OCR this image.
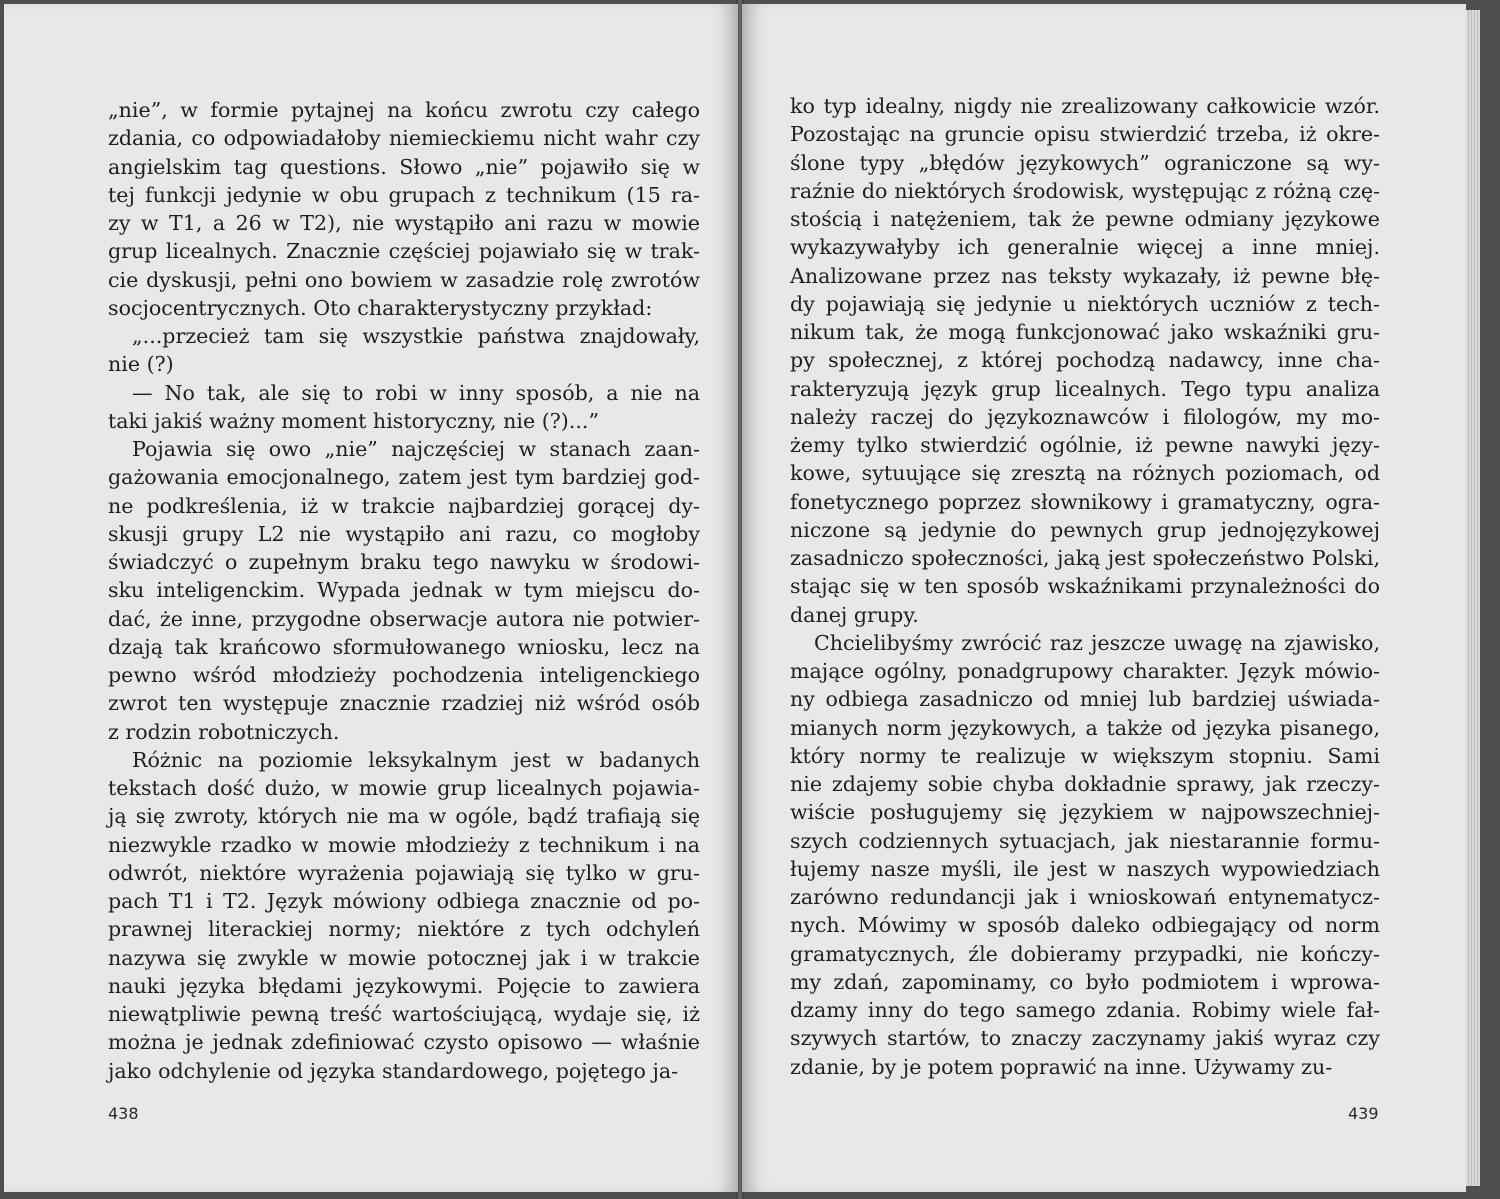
„nie”, w formie pytajnej na końcu zwrotu czy całego
zdania, co odpowiadałoby niemieckiemu nicht wahr czy
angielskim tag questions. Słowo „nie” pojawiło się w
tej funkcji jedynie w obu grupach z technikum (15 ra-
zy w T1, a 26 w T2), nie wystąpiło ani razu w mowie
grup licealnych. Znacznie częściej pojawiało się w trak-
cie dyskusji, pełni ono bowiem w zasadzie rolę zwrotów
socjocentrycznych. Oto charakterystyczny przykład:

„...przecież tam się wszystkie państwa znajdowały,
nie (?)

— No tak, ale się to robi w inny sposób, a nie na
taki jakiś ważny moment historyczny, nie (?)...”

Pojawia się owo „nie” najczęściej w stanach zaan-
gażowania emocjonalnego, zatem jest tym bardziej god-
ne podkreślenia, iż w trakcie najbardziej gorącej dy-
skusji grupy L2 nie wystąpiło ani razu, co mogłoby
świadczyć o zupełnym braku tego nawyku w środowi-
sku inteligenckim. Wypada jednak w tym miejscu do-
dać, że inne, przygodne obserwacje autora nie potwier-
dzają tak krańcowo sformułowanego wniosku, lecz na
pewno wśród młodzieży pochodzenia inteligenckiego
zwrot ten występuje znacznie rzadziej niż wśród osób
z rodzin robotniczych.

Różnic na poziomie leksykalnym jest w badanych
tekstach dość dużo, w mowie grup licealnych pojawia-
ją się zwroty, których nie ma w ogóle, bądź trafiają się
niezwykle rzadko w mowie młodzieży z technikum i na
odwrót, niektóre wyrażenia pojawiają się tylko w gru-
pach T1 i T2. Język mówiony odbiega znacznie od po-
prawnej literackiej normy; niektóre z tych odchyleń
nazywa się zwykle w mowie potocznej jak i w trakcie
nauki języka błędami językowymi. Pojęcie to zawiera
niewątpliwie pewną treść wartościującą, wydaje się, iż
można je jednak zdefiniować czysto opisowo — właśnie
jako odchylenie od języka standardowego, pojętego ja-

438

ko typ idealny, nigdy nie zrealizowany całkowicie wzór.
Pozostając na gruncie opisu stwierdzić trzeba, iż okre-
ślone typy „błędów językowych” ograniczone są wy-
raźnie do niektórych środowisk, występując z różną czę-
stością i natężeniem, tak że pewne odmiany językowe
wykazywałyby ich generalnie więcej a inne mniej.
Analizowane przez nas teksty wykazały, iż pewne błę-
dy pojawiają się jedynie u niektórych uczniów z tech-
nikum tak, że mogą funkcjonować jako wskaźniki gru-
py społecznej, z której pochodzą nadawcy, inne cha-
rakteryzują język grup licealnych. Tego typu analiza
należy raczej do językoznawców i filologów, my mo-
żemy tylko stwierdzić ogólnie, iż pewne nawyki języ-
kowe, sytuujące się zresztą na różnych poziomach, od
fonetycznego poprzez słownikowy i gramatyczny, ogra-
niczone są jedynie do pewnych grup jednojęzykowej
zasadniczo społeczności, jaką jest społeczeństwo Polski,
stając się w ten sposób wskaźnikami przynależności do
danej grupy.

Chcielibyśmy zwrócić raz jeszcze uwagę na zjawisko,
mające ogólny, ponadgrupowy charakter. Język mówio-
ny odbiega zasadniczo od mniej lub bardziej uświada-
mianych norm językowych, a także od języka pisanego,
który normy te realizuje w większym stopniu. Sami
nie zdajemy sobie chyba dokładnie sprawy, jak rzeczy-
wiście posługujemy się językiem w najpowszechniej-
szych codziennych sytuacjach, jak niestarannie formu-
łujemy nasze myśli, ile jest w naszych wypowiedziach
zarówno redundancji jak i wnioskowań entynematycz-
nych. Mówimy w sposób daleko odbiegający od norm
gramatycznych, źle dobieramy przypadki, nie kończy-
my zdań, zapominamy, co było podmiotem i wprowa-
dzamy inny do tego samego zdania. Robimy wiele fał-
szywych startów, to znaczy zaczynamy jakiś wyraz czy
zdanie, by je potem poprawić na inne. Używamy zu-

439
